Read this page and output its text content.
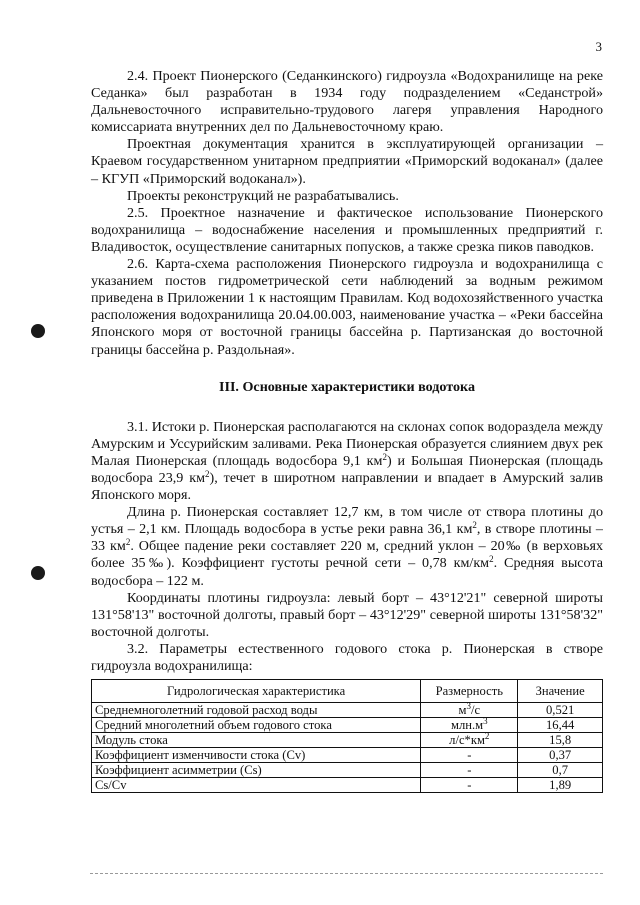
3

2.4. Проект Пионерского (Седанкинского) гидроузла «Водохранилище на реке Седанка» был разработан в 1934 году подразделением «Седанстрой» Дальневосточного исправительно-трудового лагеря управления Народного комиссариата внутренних дел по Дальневосточному краю.

Проектная документация хранится в эксплуатирующей организации – Краевом государственном унитарном предприятии «Приморский водоканал» (далее – КГУП «Приморский водоканал»).

Проекты реконструкций не разрабатывались.

2.5. Проектное назначение и фактическое использование Пионерского водохранилища – водоснабжение населения и промышленных предприятий г. Владивосток, осуществление санитарных попусков, а также срезка пиков паводков.

2.6. Карта-схема расположения Пионерского гидроузла и водохранилища с указанием постов гидрометрической сети наблюдений за водным режимом приведена в Приложении 1 к настоящим Правилам. Код водохозяйственного участка расположения водохранилища 20.04.00.003, наименование участка – «Реки бассейна Японского моря от восточной границы бассейна р. Партизанская до восточной границы бассейна р. Раздольная».

III. Основные характеристики водотока

3.1. Истоки р. Пионерская располагаются на склонах сопок водораздела между Амурским и Уссурийским заливами. Река Пионерская образуется слиянием двух рек Малая Пионерская (площадь водосбора 9,1 $км^2$) и Большая Пионерская (площадь водосбора 23,9 $км^2$), течет в широтном направлении и впадает в Амурский залив Японского моря.

Длина р. Пионерская составляет 12,7 км, в том числе от створа плотины до устья – 2,1 км. Площадь водосбора в устье реки равна 36,1 $км^2$, в створе плотины – 33 $км^2$. Общее падение реки составляет 220 м, средний уклон – 20‰ (в верховьях более 35‰). Коэффициент густоты речной сети – 0,78 $км/км^2$. Средняя высота водосбора – 122 м.

Координаты плотины гидроузла: левый борт – 43°12'21" северной широты 131°58'13" восточной долготы, правый борт – 43°12'29" северной широты 131°58'32" восточной долготы.

3.2. Параметры естественного годового стока р. Пионерская в створе гидроузла водохранилища:

Гидрологическая характеристика	Размерность	Значение
Среднемноголетний годовой расход воды	$м^3/с$	0,521
Средний многолетний объем годового стока	$млн.м^3$	16,44
Модуль стока	$л/с*км^2$	15,8
Коэффициент изменчивости стока (Cv)	-	0,37
Коэффициент асимметрии (Cs)	-	0,7
Cs/Cv	-	1,89
